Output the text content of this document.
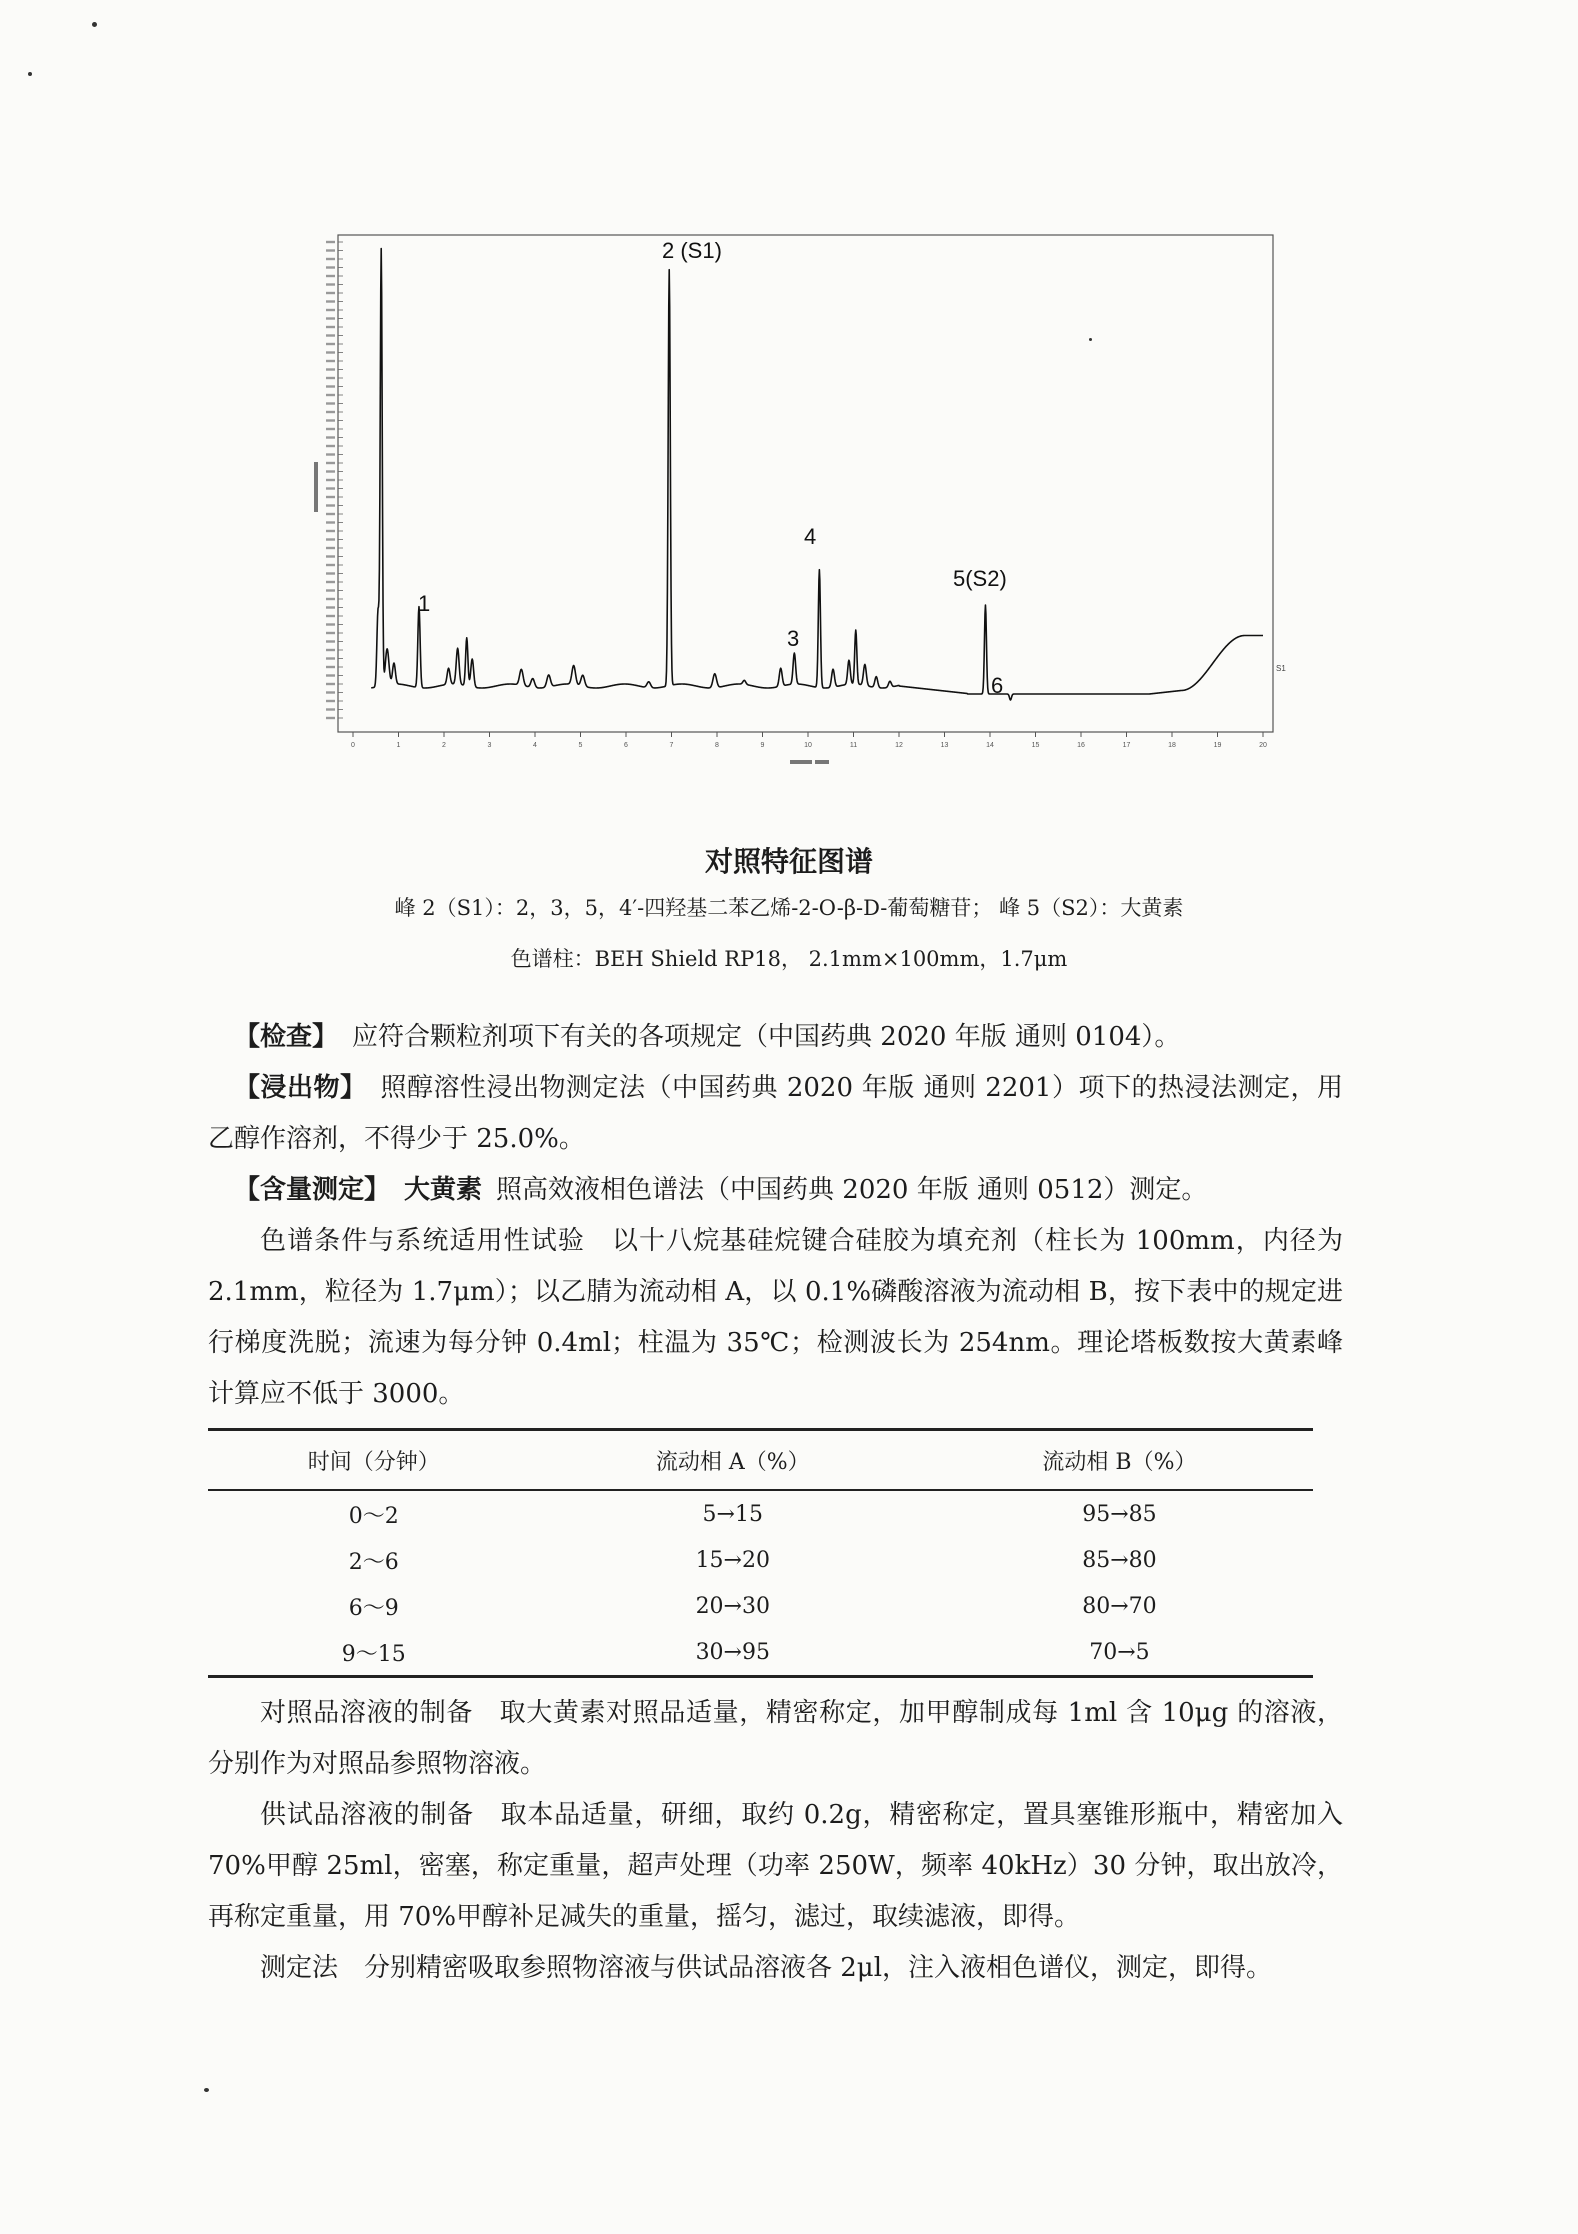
0	1	2	3	4	5	6	7	8	9	10	11	12	13	14	15	16	17	18	19	20
1
2 (S1)
3
4
5(S2)
6
S1
对照特征图谱
峰 2（S1）：2，3，5，4′-四羟基二苯乙烯-2-O-β-D-葡萄糖苷； 峰 5（S2）：大黄素
色谱柱：BEH Shield RP18， 2.1mm×100mm，1.7μm

【检查】 应符合颗粒剂项下有关的各项规定（中国药典 2020 年版 通则 0104）。

【浸出物】 照醇溶性浸出物测定法（中国药典 2020 年版 通则 2201）项下的热浸法测定，用乙醇作溶剂，不得少于 25.0%。

【含量测定】 大黄素 照高效液相色谱法（中国药典 2020 年版 通则 0512）测定。

色谱条件与系统适用性试验　以十八烷基硅烷键合硅胶为填充剂（柱长为 100mm，内径为 2.1mm，粒径为 1.7μm）；以乙腈为流动相 A，以 0.1%磷酸溶液为流动相 B，按下表中的规定进行梯度洗脱；流速为每分钟 0.4ml；柱温为 35℃；检测波长为 254nm。理论塔板数按大黄素峰计算应不低于 3000。

时间（分钟）	流动相 A（%）	流动相 B（%）
0～2	5→15	95→85
2～6	15→20	85→80
6～9	20→30	80→70
9～15	30→95	70→5

对照品溶液的制备　取大黄素对照品适量，精密称定，加甲醇制成每 1ml 含 10μg 的溶液，分别作为对照品参照物溶液。

供试品溶液的制备　取本品适量，研细，取约 0.2g，精密称定，置具塞锥形瓶中，精密加入 70%甲醇 25ml，密塞，称定重量，超声处理（功率 250W，频率 40kHz）30 分钟，取出放冷，再称定重量，用 70%甲醇补足减失的重量，摇匀，滤过，取续滤液，即得。

测定法　分别精密吸取参照物溶液与供试品溶液各 2μl，注入液相色谱仪，测定，即得。
